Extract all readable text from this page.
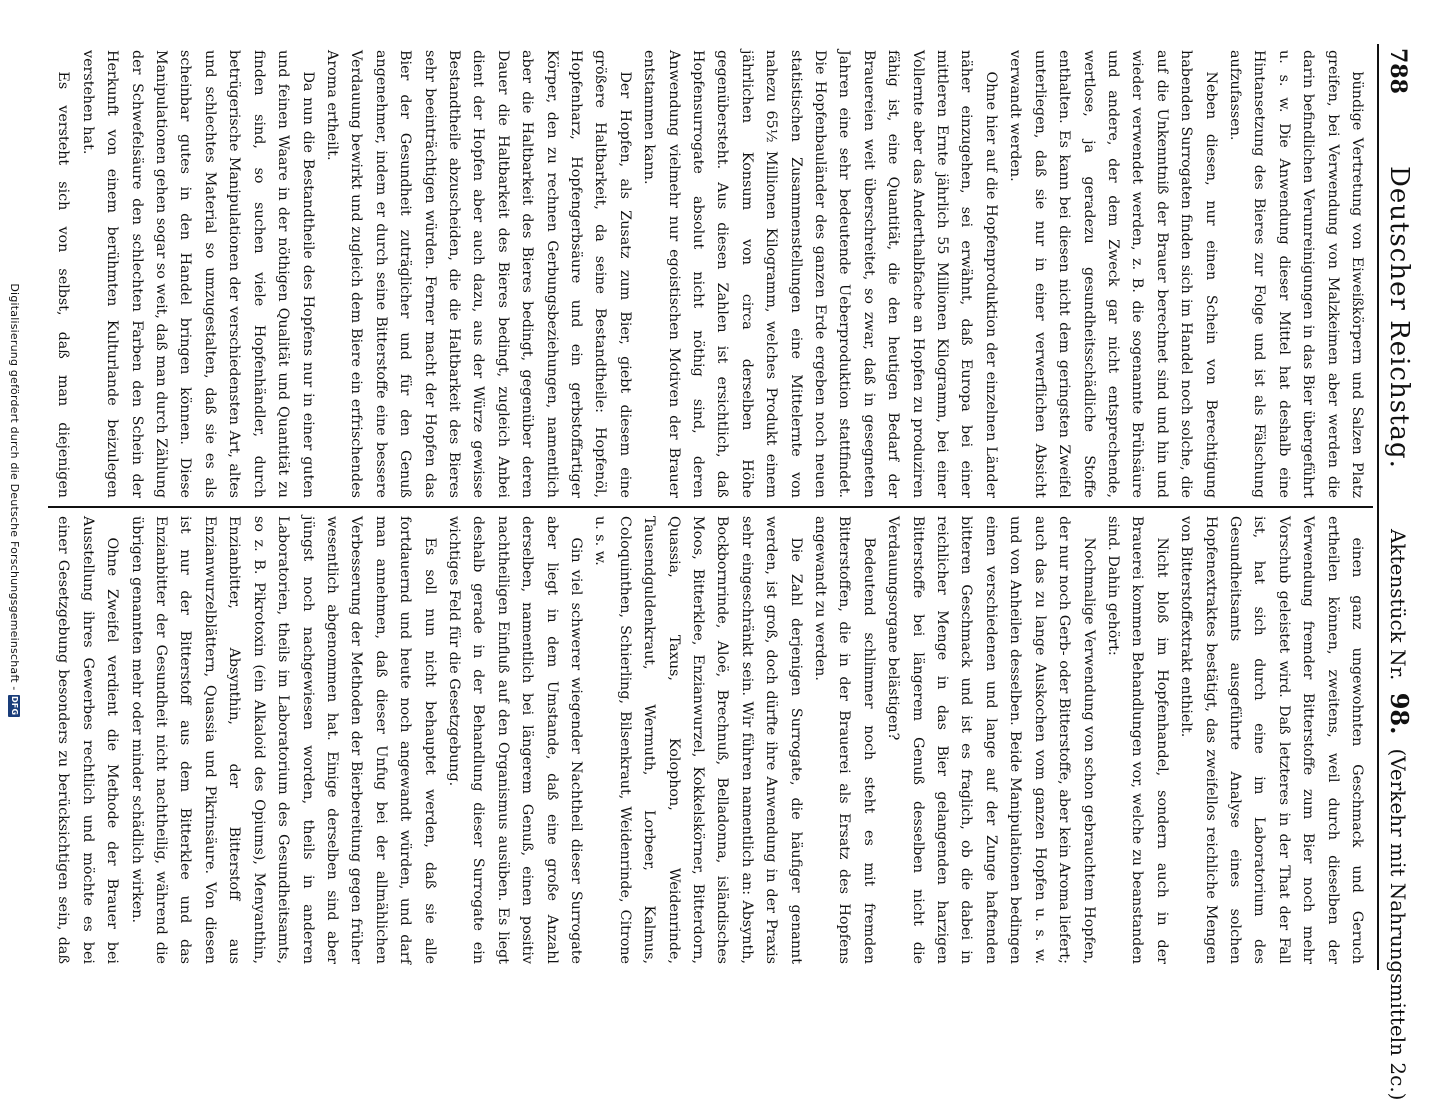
788
Deutscher Reichstag.
Aktenstück Nr. 98.
(Verkehr mit Nahrungsmitteln 2c.)

bündige Vertretung von Eiweißkörpern und Salzen Platz greifen, bei Verwendung von Malzkeimen aber werden die darin befindlichen Verunreinigungen in das Bier übergeführt u. s. w. Die Anwendung dieser Mittel hat deshalb eine Hintansetzung des Bieres zur Folge und ist als Fälschung aufzufassen.

Neben diesen, nur einen Schein von Berechtigung habenden Surrogaten finden sich im Handel noch solche, die auf die Unkenntniß der Brauer berechnet sind und hin und wieder verwendet werden, z. B. die sogenannte Brühsäure und andere, der dem Zweck gar nicht entsprechende, wertlose, ja geradezu gesundheitsschädliche Stoffe enthalten. Es kann bei diesen nicht dem geringsten Zweifel unterliegen, daß sie nur in einer verwerflichen Absicht verwandt werden.

Ohne hier auf die Hopfenproduktion der einzelnen Länder näher einzugehen, sei erwähnt, daß Europa bei einer mittleren Ernte jährlich 55 Millionen Kilogramm, bei einer Vollernte aber das Anderthalbfache an Hopfen zu produziren fähig ist, eine Quantität, die den heutigen Bedarf der Brauereien weit überschreitet, so zwar, daß in gesegneten Jahren eine sehr bedeutende Ueberproduktion stattfindet. Die Hopfenbauländer des ganzen Erde ergeben noch neuen statistischen Zusammenstellungen eine Mittelernte von nahezu 65½ Millionen Kilogramm, welches Produkt einem jährlichen Konsum von circa derselben Höhe gegenübersteht. Aus diesen Zahlen ist ersichtlich, daß Hopfensurrogate absolut nicht nöthig sind, deren Anwendung vielmehr nur egoistischen Motiven der Brauer entstammen kann.

Der Hopfen, als Zusatz zum Bier, giebt diesem eine größere Haltbarkeit, da seine Bestandtheile: Hopfenöl, Hopfenharz, Hopfengerbsäure und ein gerbstoffartiger Körper, den zu rechnen Gerbungsbeziehungen, namentlich aber die Haltbarkeit des Bieres bedingt, gegenüber deren Dauer die Haltbarkeit des Bieres bedingt, zugleich Anbei dient der Hopfen aber auch dazu, aus der Würze gewisse Bestandtheile abzuscheiden, die die Haltbarkeit des Bieres sehr beeinträchtigen würden. Ferner macht der Hopfen das Bier der Gesundheit zuträglicher und für den Genuß angenehmer, indem er durch seine Bitterstoffe eine bessere Verdauung bewirkt und zugleich dem Biere ein erfrischendes Aroma ertheilt.

Da nun die Bestandtheile des Hopfens nur in einer guten und feinen Waare in der nöthigen Qualität und Quantität zu finden sind, so suchen viele Hopfenhändler, durch betrügerische Manipulationen der verschiedensten Art, altes und schlechtes Material so umzugestalten, daß sie es als scheinbar gutes in den Handel bringen können. Diese Manipulationen gehen sogar so weit, daß man durch Zählung der Schwefelsäure den schlechten Farben den Schein der Herkunft von einem berühmten Kulturlande beizulegen verstehen hat.

Es versteht sich von selbst, daß man diejenigen

einen ganz ungewohnten Geschmack und Geruch ertheilen können, zweitens, weil durch dieselben der Verwendung fremder Bitterstoffe zum Bier noch mehr Vorschub geleistet wird. Daß letzteres in der That der Fall ist, hat sich durch eine im Laboratorium des Gesundheitsamts ausgeführte Analyse eines solchen Hopfenextraktes bestätigt, das zweifellos reichliche Mengen von Bitterstoffextrakt enthielt.

Nicht bloß im Hopfenhandel, sondern auch in der Brauerei kommen Behandlungen vor, welche zu beanstanden sind. Dahin gehört:

Nochmalige Verwendung von schon gebrauchtem Hopfen, der nur noch Gerb- oder Bitterstoffe, aber kein Aroma liefert; auch das zu lange Auskochen vom ganzen Hopfen u. s. w. und von Anheilen desselben. Beide Manipulationen bedingen einen verschiedenen und lange auf der Zunge haftenden bitteren Geschmack und ist es fraglich, ob die dabei in reichlicher Menge in das Bier gelangenden harzigen Bitterstoffe bei längerem Genuß desselben nicht die Verdauungsorgane belästigen?

Bedeutend schlimmer noch steht es mit fremden Bitterstoffen, die in der Brauerei als Ersatz des Hopfens angewandt zu werden.

Die Zahl derjenigen Surrogate, die häufiger genannt werden, ist groß, doch dürfte ihre Anwendung in der Praxis sehr eingeschränkt sein. Wir führen namentlich an: Absynth, Bockbornrinde, Aloë, Brechnuß, Belladonna, isländisches Moos, Bitterklee, Enzianwurzel, Kokkelskörner, Bitterdorn, Quassia, Taxus, Kolophon, Weidenrinde, Tausendguldenkraut, Wermuth, Lorbeer, Kalmus, Coloquinthen, Schierling, Bilsenkraut, Weidenrinde, Citrone u. s. w.

Gin viel schwerer wiegender Nachtheil dieser Surrogate aber liegt in dem Umstande, daß eine große Anzahl derselben, namentlich bei längerem Genuß, einen positiv nachtheiligen Einfluß auf den Organismus ausüben. Es liegt deshalb gerade in der Behandlung dieser Surrogate ein wichtiges Feld für die Gesetzgebung.

Es soll nun nicht behauptet werden, daß sie alle fortdauernd und heute noch angewandt würden, und darf man annehmen, daß dieser Unfug bei der allmählichen Verbesserung der Methoden der Bierbereitung gegen früher wesentlich abgenommen hat. Einige derselben sind aber jüngst noch nachgewiesen worden, theils in anderen Laboratorien, theils im Laboratorium des Gesundheitsamts, so z. B. Pikrotoxin (ein Alkaloid des Opiums), Menyanthin, Enzianbitter, Absynthin, der Bitterstoff aus Enzianwurzelblättern, Quassia und Pikrinsäure. Von diesen ist nur der Bitterstoff aus dem Bitterklee und das Enzianbitter der Gesundheit nicht nachtheilig, während die übrigen genannten mehr oder minder schädlich wirken.

Ohne Zweifel verdient die Methode der Brauer bei Ausstellung ihres Gewerbes rechtlich und möchte es bei einer Gesetzgebung besonders zu berücksichtigen sein, daß

Digitalisierung gefördert durch die Deutsche Forschungsgemeinschaft -
DFG
